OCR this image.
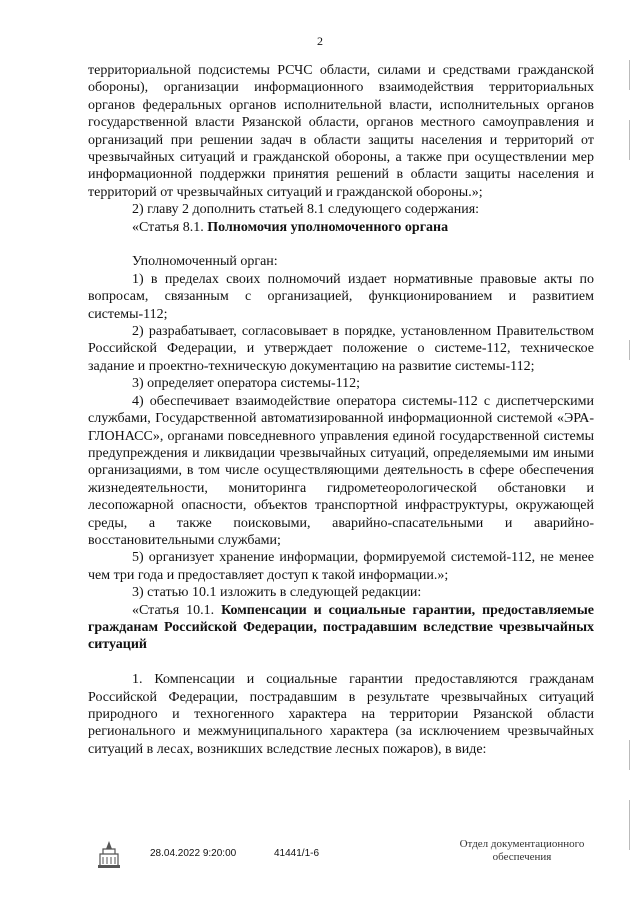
2

территориальной подсистемы РСЧС области, силами и средствами гражданской обороны), организации информационного взаимодействия территориальных органов федеральных органов исполнительной власти, исполнительных органов государственной власти Рязанской области, органов местного самоуправления и организаций при решении задач в области защиты населения и территорий от чрезвычайных ситуаций и гражданской обороны, а также при осуществлении мер информационной поддержки принятия решений в области защиты населения и территорий от чрезвычайных ситуаций и гражданской обороны.»;

2) главу 2 дополнить статьей 8.1 следующего содержания:

«Статья 8.1. Полномочия уполномоченного органа

Уполномоченный орган:

1) в пределах своих полномочий издает нормативные правовые акты по вопросам, связанным с организацией, функционированием и развитием системы-112;

2) разрабатывает, согласовывает в порядке, установленном Правительством Российской Федерации, и утверждает положение о системе-112, техническое задание и проектно-техническую документацию на развитие системы-112;

3) определяет оператора системы-112;

4) обеспечивает взаимодействие оператора системы-112 с диспетчерскими службами, Государственной автоматизированной информационной системой «ЭРА-ГЛОНАСС», органами повседневного управления единой государственной системы предупреждения и ликвидации чрезвычайных ситуаций, определяемыми им иными организациями, в том числе осуществляющими деятельность в сфере обеспечения жизнедеятельности, мониторинга гидрометеорологической обстановки и лесопожарной опасности, объектов транспортной инфраструктуры, окружающей среды, а также поисковыми, аварийно-спасательными и аварийно-восстановительными службами;

5) организует хранение информации, формируемой системой-112, не менее чем три года и предоставляет доступ к такой информации.»;

3) статью 10.1 изложить в следующей редакции:

«Статья 10.1. Компенсации и социальные гарантии, предоставляемые гражданам Российской Федерации, пострадавшим вследствие чрезвычайных ситуаций

1. Компенсации и социальные гарантии предоставляются гражданам Российской Федерации, пострадавшим в результате чрезвычайных ситуаций природного и техногенного характера на территории Рязанской области регионального и межмуниципального характера (за исключением чрезвычайных ситуаций в лесах, возникших вследствие лесных пожаров), в виде:

28.04.2022 9:20:00	41441/1-6
Отдел документационного
обеспечения
